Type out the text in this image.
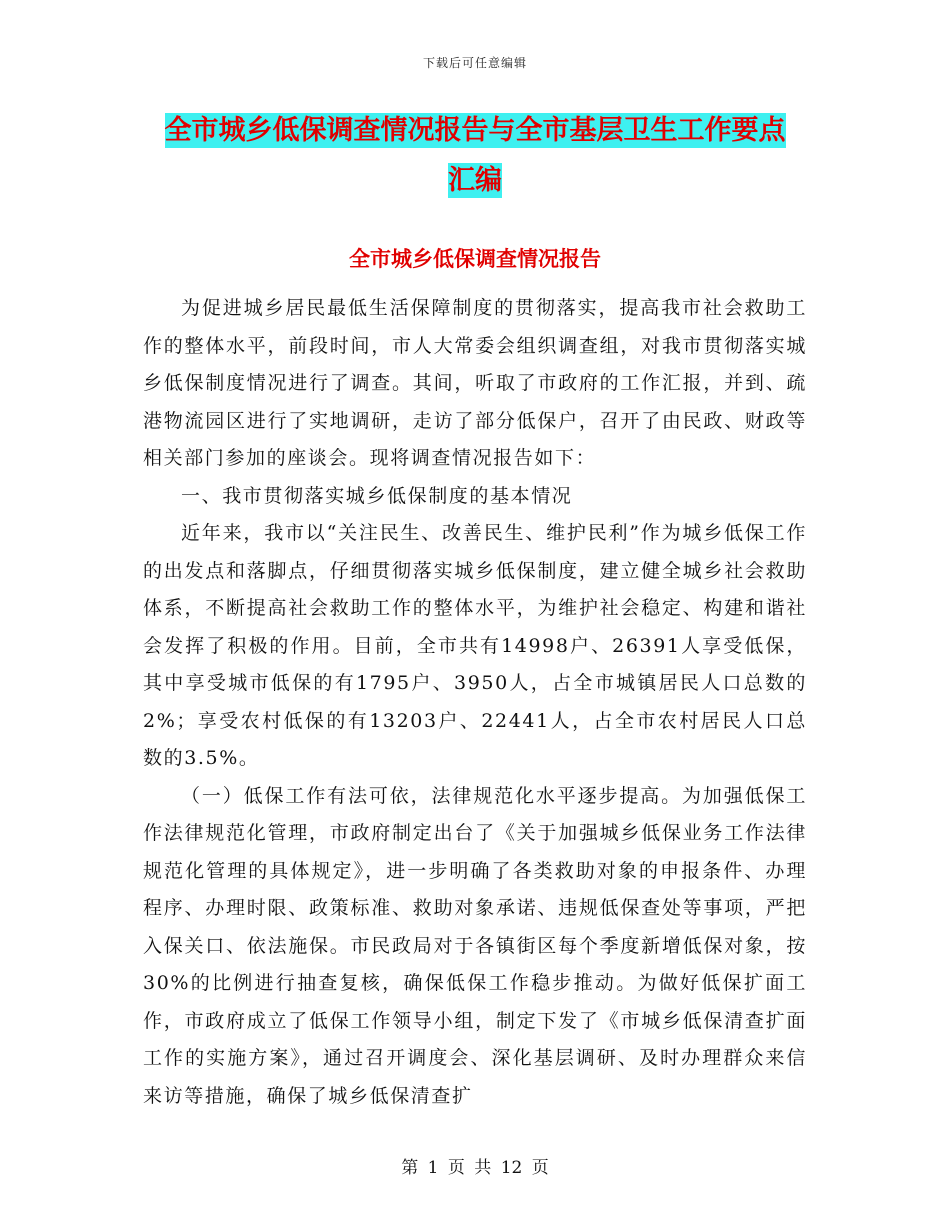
下载后可任意编辑
全市城乡低保调查情况报告与全市基层卫生工作要点
汇编
全市城乡低保调查情况报告

为促进城乡居民最低生活保障制度的贯彻落实，提高我市社会救助工作的整体水平，前段时间，市人大常委会组织调查组，对我市贯彻落实城乡低保制度情况进行了调查。其间，听取了市政府的工作汇报，并到、疏港物流园区进行了实地调研，走访了部分低保户，召开了由民政、财政等相关部门参加的座谈会。现将调查情况报告如下：

一、我市贯彻落实城乡低保制度的基本情况

近年来，我市以“关注民生、改善民生、维护民利”作为城乡低保工作的出发点和落脚点，仔细贯彻落实城乡低保制度，建立健全城乡社会救助体系，不断提高社会救助工作的整体水平，为维护社会稳定、构建和谐社会发挥了积极的作用。目前，全市共有14998户、26391人享受低保，其中享受城市低保的有1795户、3950人，占全市城镇居民人口总数的2%；享受农村低保的有13203户、22441人，占全市农村居民人口总数的3.5%。

（一）低保工作有法可依，法律规范化水平逐步提高。为加强低保工作法律规范化管理，市政府制定出台了《关于加强城乡低保业务工作法律规范化管理的具体规定》，进一步明确了各类救助对象的申报条件、办理程序、办理时限、政策标准、救助对象承诺、违规低保查处等事项，严把入保关口、依法施保。市民政局对于各镇街区每个季度新增低保对象，按30%的比例进行抽查复核，确保低保工作稳步推动。为做好低保扩面工作，市政府成立了低保工作领导小组，制定下发了《市城乡低保清查扩面工作的实施方案》，通过召开调度会、深化基层调研、及时办理群众来信来访等措施，确保了城乡低保清查扩

第 1 页 共 12 页
